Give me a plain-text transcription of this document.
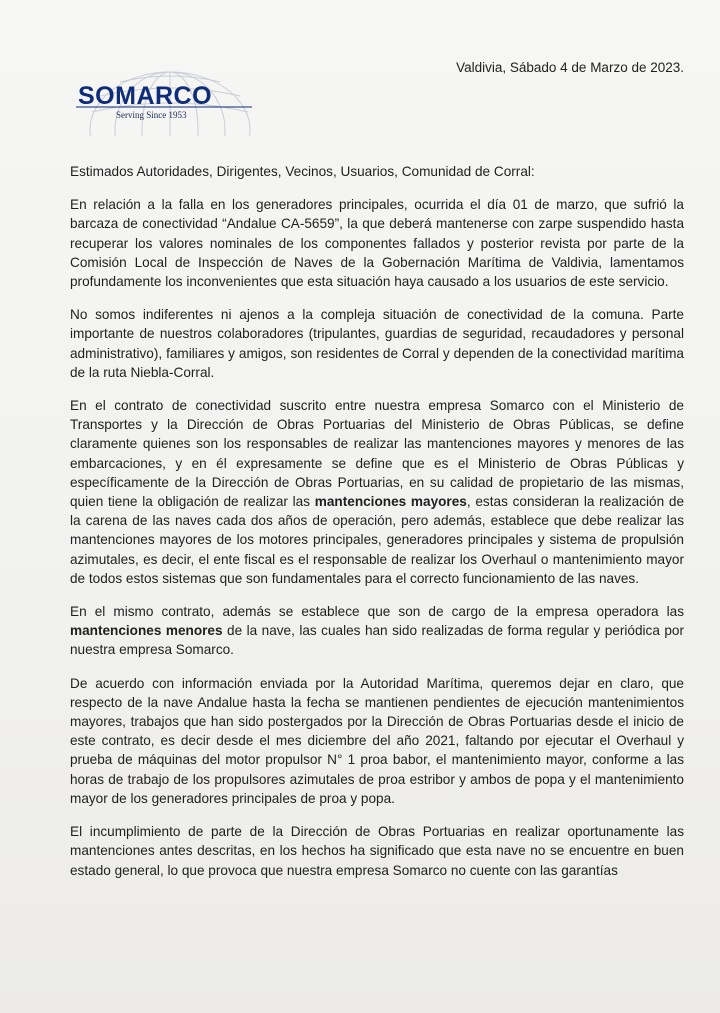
SOMARCO
Serving Since 1953
Valdivia, Sábado 4 de Marzo de 2023.

Estimados Autoridades, Dirigentes, Vecinos, Usuarios, Comunidad de Corral:

En relación a la falla en los generadores principales, ocurrida el día 01 de marzo, que sufrió la barcaza de conectividad “Andalue CA-5659”, la que deberá mantenerse con zarpe suspendido hasta recuperar los valores nominales de los componentes fallados y posterior revista por parte de la Comisión Local de Inspección de Naves de la Gobernación Marítima de Valdivia, lamentamos profundamente los inconvenientes que esta situación haya causado a los usuarios de este servicio.

No somos indiferentes ni ajenos a la compleja situación de conectividad de la comuna. Parte importante de nuestros colaboradores (tripulantes, guardias de seguridad, recaudadores y personal administrativo), familiares y amigos, son residentes de Corral y dependen de la conectividad marítima de la ruta Niebla-Corral.

En el contrato de conectividad suscrito entre nuestra empresa Somarco con el Ministerio de Transportes y la Dirección de Obras Portuarias del Ministerio de Obras Públicas, se define claramente quienes son los responsables de realizar las mantenciones mayores y menores de las embarcaciones, y en él expresamente se define que es el Ministerio de Obras Públicas y específicamente de la Dirección de Obras Portuarias, en su calidad de propietario de las mismas, quien tiene la obligación de realizar las mantenciones mayores, estas consideran la realización de la carena de las naves cada dos años de operación, pero además, establece que debe realizar las mantenciones mayores de los motores principales, generadores principales y sistema de propulsión azimutales, es decir, el ente fiscal es el responsable de realizar los Overhaul o mantenimiento mayor de todos estos sistemas que son fundamentales para el correcto funcionamiento de las naves.

En el mismo contrato, además se establece que son de cargo de la empresa operadora las mantenciones menores de la nave, las cuales han sido realizadas de forma regular y periódica por nuestra empresa Somarco.

De acuerdo con información enviada por la Autoridad Marítima, queremos dejar en claro, que respecto de la nave Andalue hasta la fecha se mantienen pendientes de ejecución mantenimientos mayores, trabajos que han sido postergados por la Dirección de Obras Portuarias desde el inicio de este contrato, es decir desde el mes diciembre del año 2021, faltando por ejecutar el Overhaul y prueba de máquinas del motor propulsor N° 1 proa babor, el mantenimiento mayor, conforme a las horas de trabajo de los propulsores azimutales de proa estribor y ambos de popa y el mantenimiento mayor de los generadores principales de proa y popa.

El incumplimiento de parte de la Dirección de Obras Portuarias en realizar oportunamente las mantenciones antes descritas, en los hechos ha significado que esta nave no se encuentre en buen estado general, lo que provoca que nuestra empresa Somarco no cuente con las garantías
